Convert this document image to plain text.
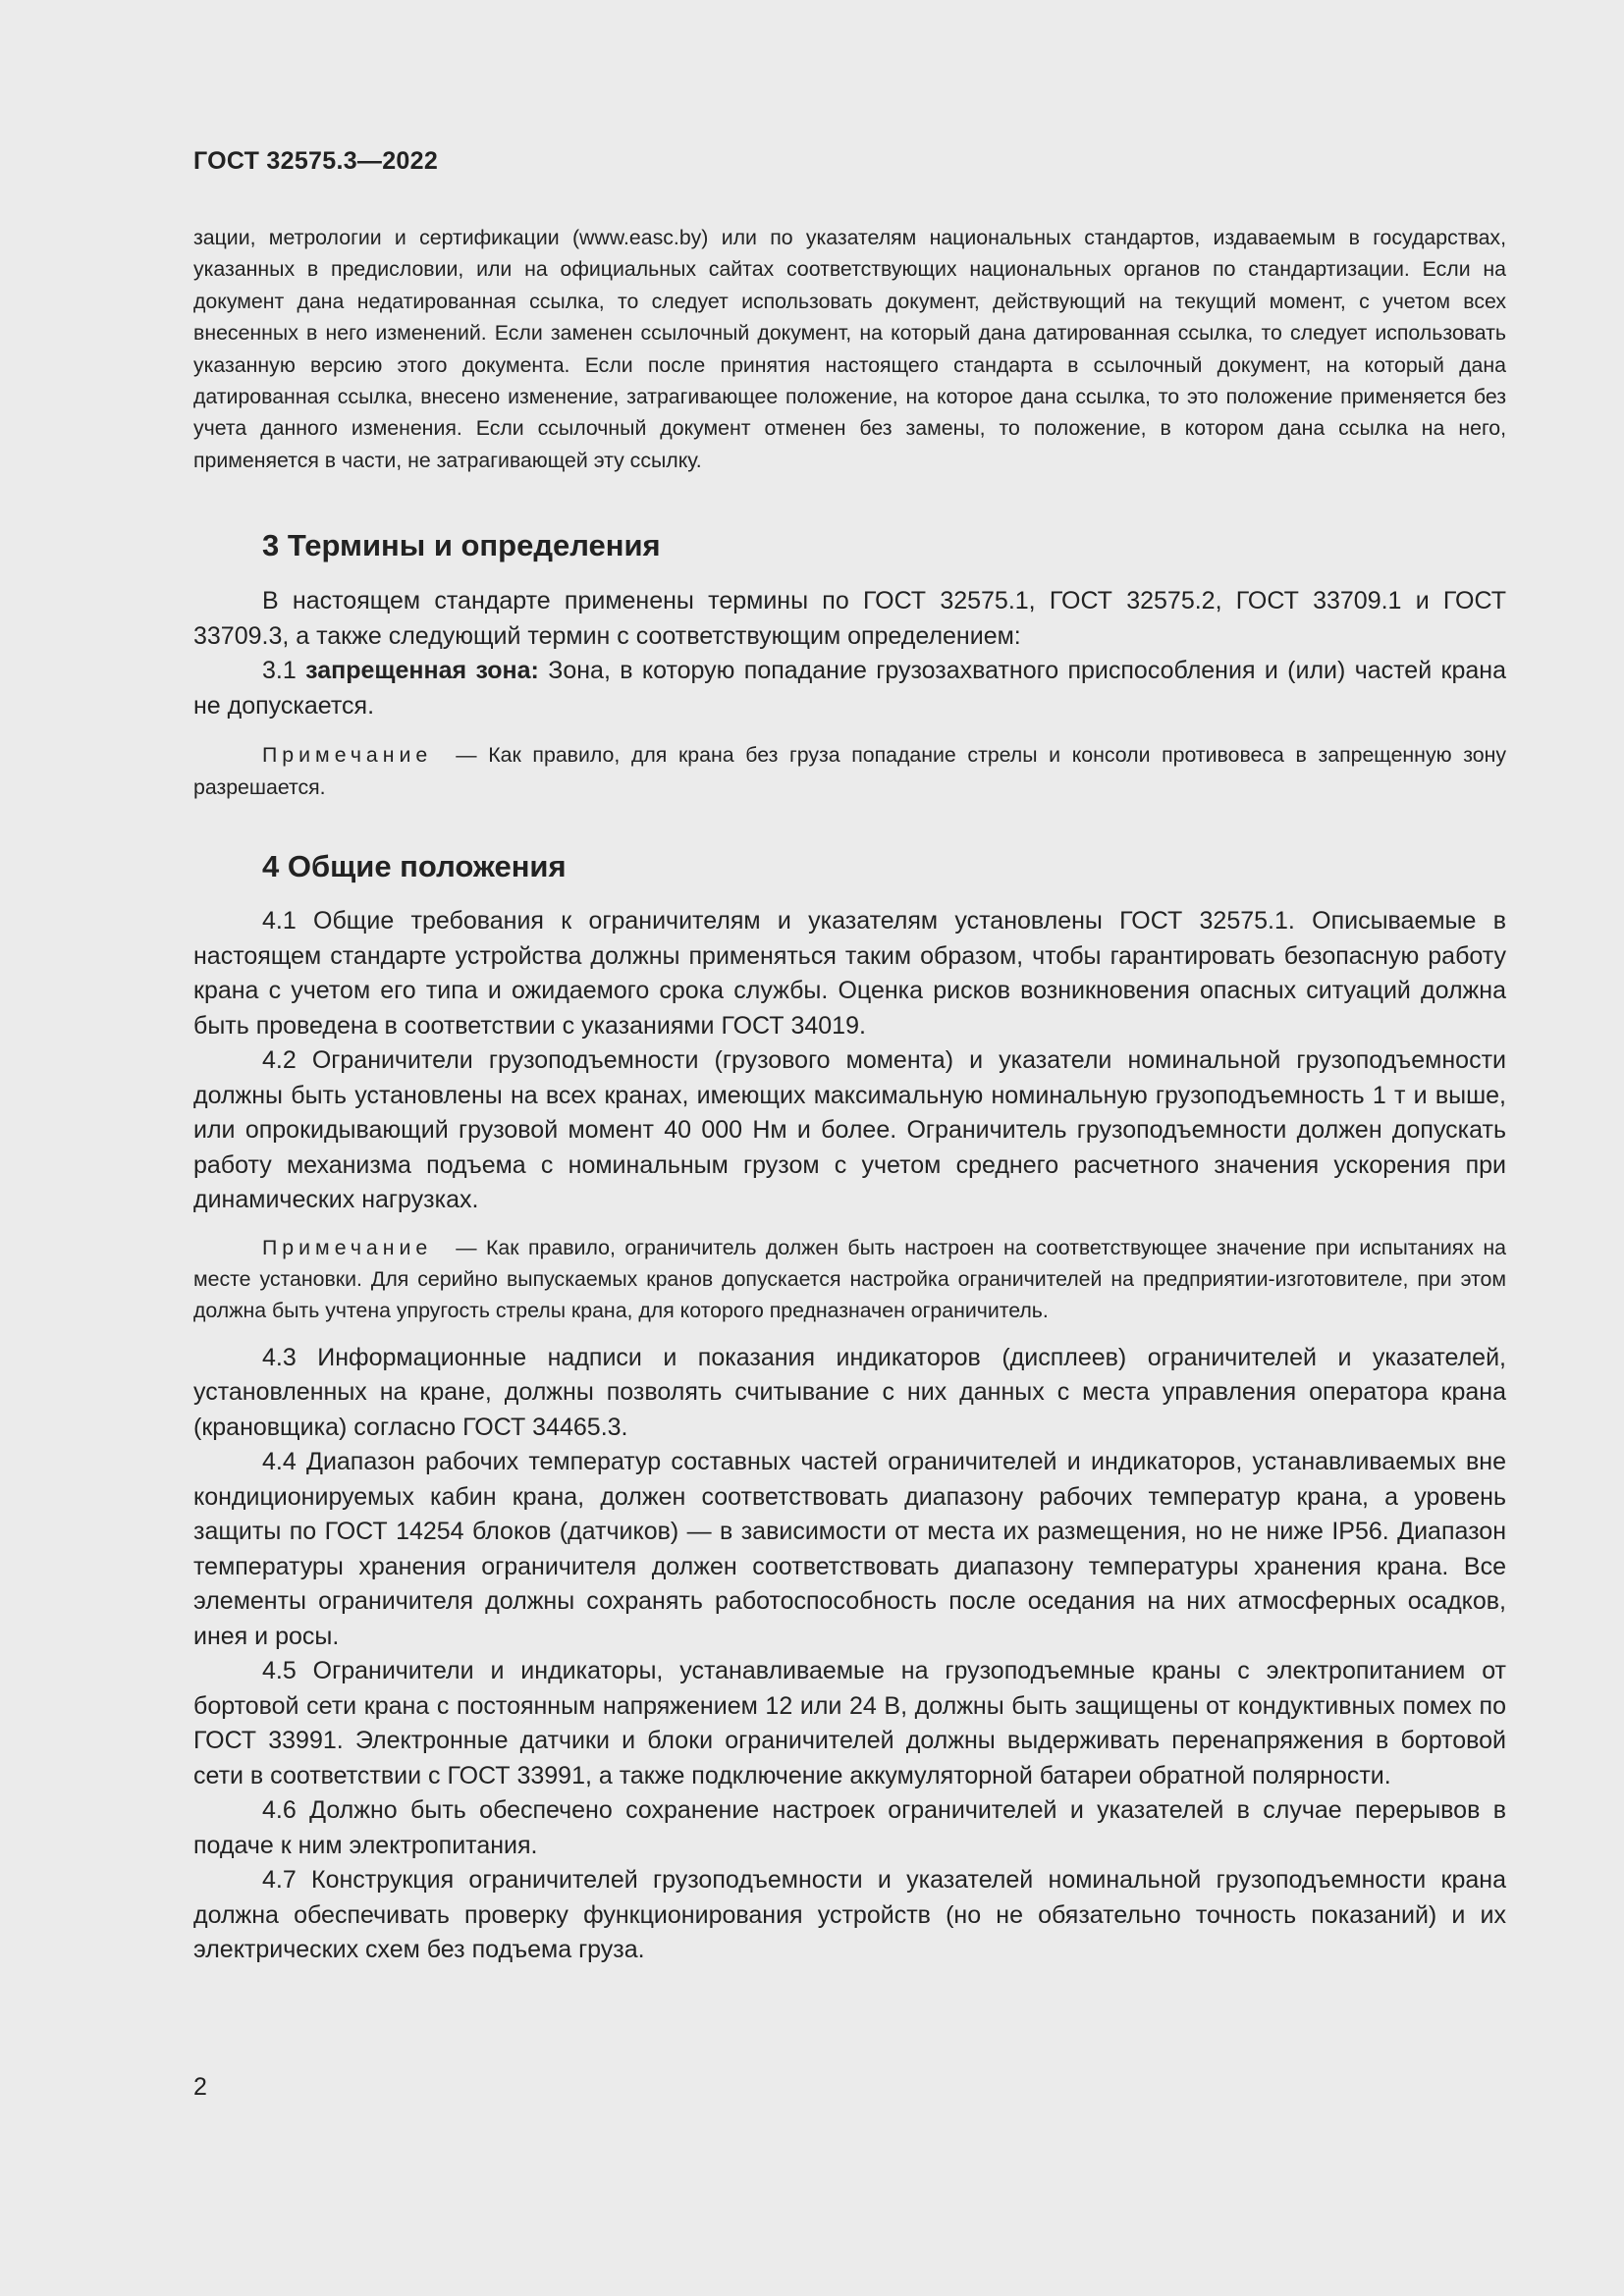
ГОСТ 32575.3—2022

зации, метрологии и сертификации (www.easc.by) или по указателям национальных стандартов, издаваемым в государствах, указанных в предисловии, или на официальных сайтах соответствующих национальных органов по стандартизации. Если на документ дана недатированная ссылка, то следует использовать документ, действующий на текущий момент, с учетом всех внесенных в него изменений. Если заменен ссылочный документ, на который дана датированная ссылка, то следует использовать указанную версию этого документа. Если после принятия настоящего стандарта в ссылочный документ, на который дана датированная ссылка, внесено изменение, затрагивающее положение, на которое дана ссылка, то это положение применяется без учета данного изменения. Если ссылочный документ отменен без замены, то положение, в котором дана ссылка на него, применяется в части, не затрагивающей эту ссылку.

3 Термины и определения

В настоящем стандарте применены термины по ГОСТ 32575.1, ГОСТ 32575.2, ГОСТ 33709.1 и ГОСТ 33709.3, а также следующий термин с соответствующим определением:

3.1 запрещенная зона: Зона, в которую попадание грузозахватного приспособления и (или) частей крана не допускается.

Примечание — Как правило, для крана без груза попадание стрелы и консоли противовеса в запрещенную зону разрешается.

4 Общие положения

4.1 Общие требования к ограничителям и указателям установлены ГОСТ 32575.1. Описываемые в настоящем стандарте устройства должны применяться таким образом, чтобы гарантировать безопасную работу крана с учетом его типа и ожидаемого срока службы. Оценка рисков возникновения опасных ситуаций должна быть проведена в соответствии с указаниями ГОСТ 34019.

4.2 Ограничители грузоподъемности (грузового момента) и указатели номинальной грузоподъемности должны быть установлены на всех кранах, имеющих максимальную номинальную грузоподъемность 1 т и выше, или опрокидывающий грузовой момент 40 000 Нм и более. Ограничитель грузоподъемности должен допускать работу механизма подъема с номинальным грузом с учетом среднего расчетного значения ускорения при динамических нагрузках.

Примечание — Как правило, ограничитель должен быть настроен на соответствующее значение при испытаниях на месте установки. Для серийно выпускаемых кранов допускается настройка ограничителей на предприятии-изготовителе, при этом должна быть учтена упругость стрелы крана, для которого предназначен ограничитель.

4.3 Информационные надписи и показания индикаторов (дисплеев) ограничителей и указателей, установленных на кране, должны позволять считывание с них данных с места управления оператора крана (крановщика) согласно ГОСТ 34465.3.

4.4 Диапазон рабочих температур составных частей ограничителей и индикаторов, устанавливаемых вне кондиционируемых кабин крана, должен соответствовать диапазону рабочих температур крана, а уровень защиты по ГОСТ 14254 блоков (датчиков) — в зависимости от места их размещения, но не ниже IP56. Диапазон температуры хранения ограничителя должен соответствовать диапазону температуры хранения крана. Все элементы ограничителя должны сохранять работоспособность после оседания на них атмосферных осадков, инея и росы.

4.5 Ограничители и индикаторы, устанавливаемые на грузоподъемные краны с электропитанием от бортовой сети крана с постоянным напряжением 12 или 24 В, должны быть защищены от кондуктивных помех по ГОСТ 33991. Электронные датчики и блоки ограничителей должны выдерживать перенапряжения в бортовой сети в соответствии с ГОСТ 33991, а также подключение аккумуляторной батареи обратной полярности.

4.6 Должно быть обеспечено сохранение настроек ограничителей и указателей в случае перерывов в подаче к ним электропитания.

4.7 Конструкция ограничителей грузоподъемности и указателей номинальной грузоподъемности крана должна обеспечивать проверку функционирования устройств (но не обязательно точность показаний) и их электрических схем без подъема груза.

2
